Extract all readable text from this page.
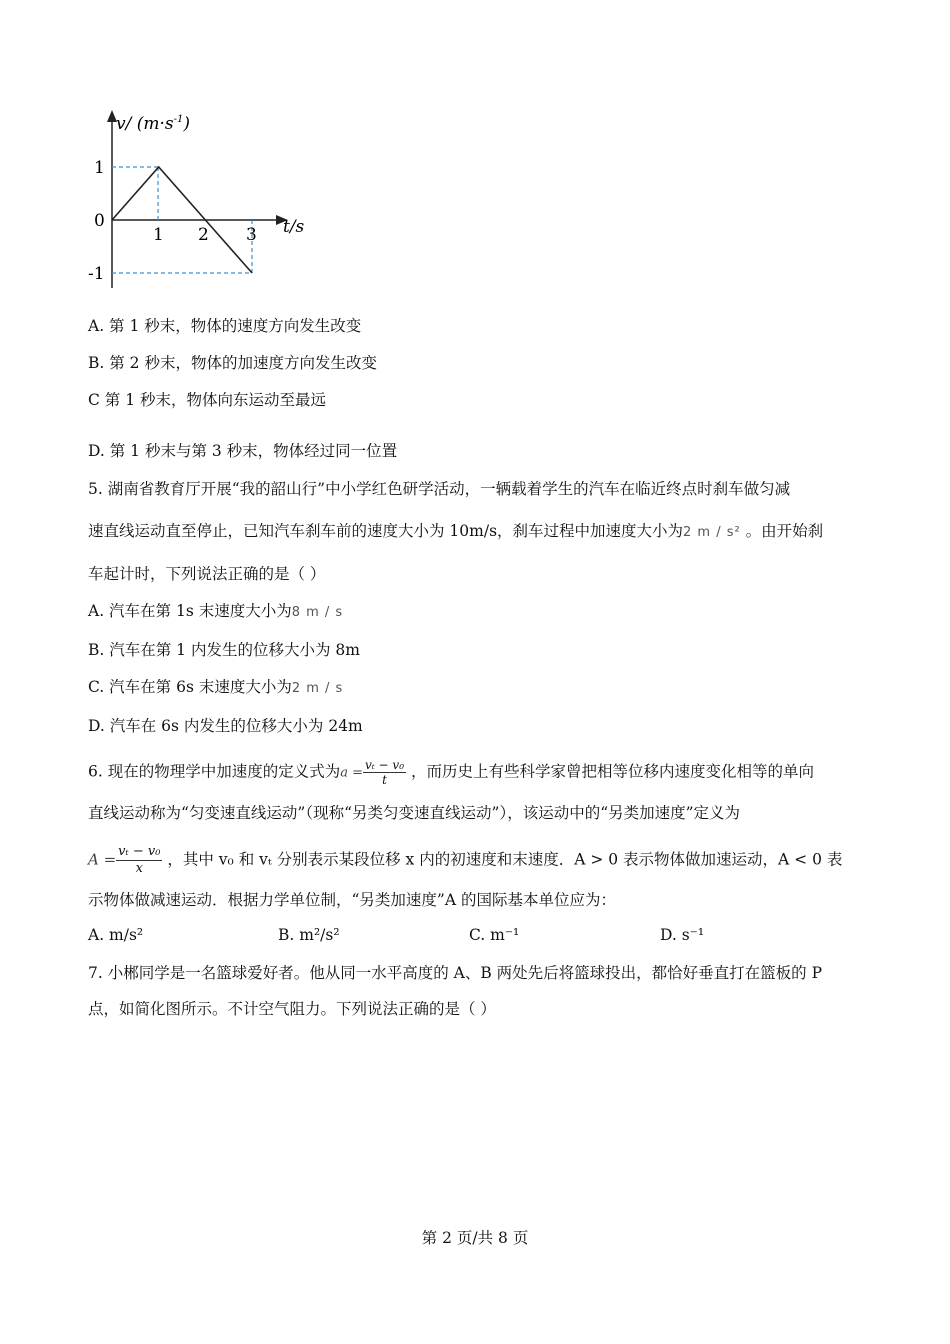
v/ $(m\cdot s^{-1})$
1
0
-1
1 2 3 t/s
A. 第 1 秒末，物体的速度方向发生改变
B. 第 2 秒末，物体的加速度方向发生改变
C 第 1 秒末，物体向东运动至最远
D. 第 1 秒末与第 3 秒末，物体经过同一位置
5. 湖南省教育厅开展“我的韶山行”中小学红色研学活动，一辆载着学生的汽车在临近终点时刹车做匀减
速直线运动直至停止，已知汽车刹车前的速度大小为 10m/s，刹车过程中加速度大小为2 m / s² 。由开始刹
车起计时，下列说法正确的是（ ）
A. 汽车在第 1s 末速度大小为8 m / s
B. 汽车在第 1 内发生的位移大小为 8m
C. 汽车在第 6s 末速度大小为2 m / s
D. 汽车在 6s 内发生的位移大小为 24m
6. 现在的物理学中加速度的定义式为$a = \frac{\text{vₜ − v₀}}{t}$ ，而历史上有些科学家曾把相等位移内速度变化相等的单向
直线运动称为“匀变速直线运动”（现称“另类匀变速直线运动”），该运动中的“另类加速度”定义为
$A = \frac{\text{vₜ − v₀}}{x}$ ，其中 v₀ 和 vₜ 分别表示某段位移 x 内的初速度和末速度．A > 0 表示物体做加速运动，A < 0 表
示物体做减速运动．根据力学单位制，“另类加速度”A 的国际基本单位应为：
A. m/s²	B. m²/s²	C. m⁻¹	D. s⁻¹
7. 小郴同学是一名篮球爱好者。他从同一水平高度的 A、B 两处先后将篮球投出，都恰好垂直打在篮板的 P
点，如简化图所示。不计空气阻力。下列说法正确的是（ ）
第 2 页/共 8 页
